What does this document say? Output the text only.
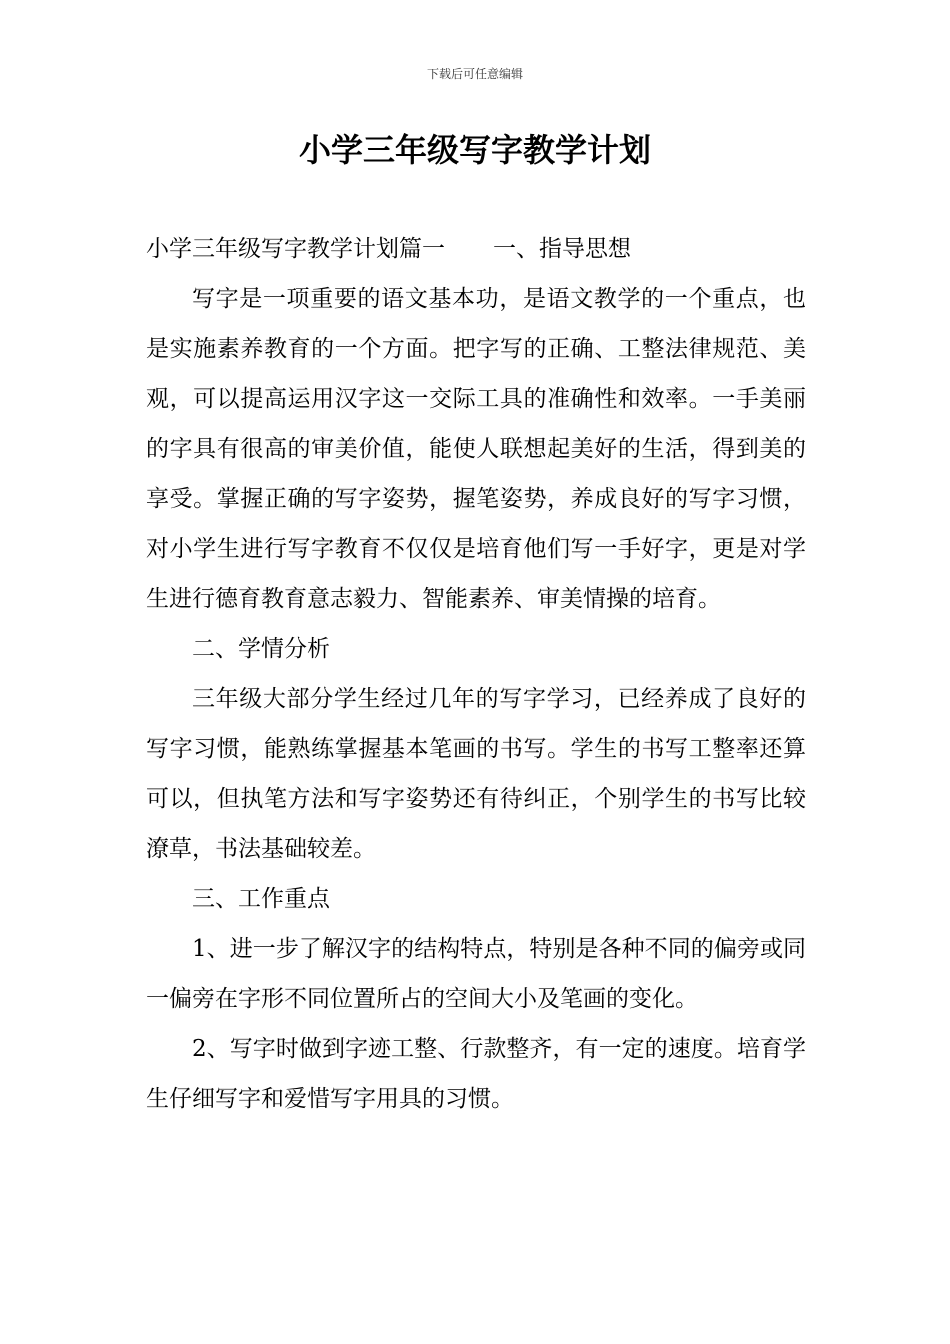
下载后可任意编辑
小学三年级写字教学计划

小学三年级写字教学计划篇一 一、指导思想

写字是一项重要的语文基本功，是语文教学的一个重点，也是实施素养教育的一个方面。把字写的正确、工整法律规范、美观，可以提高运用汉字这一交际工具的准确性和效率。一手美丽的字具有很高的审美价值，能使人联想起美好的生活，得到美的享受。掌握正确的写字姿势，握笔姿势，养成良好的写字习惯，对小学生进行写字教育不仅仅是培育他们写一手好字，更是对学生进行德育教育意志毅力、智能素养、审美情操的培育。

二、学情分析

三年级大部分学生经过几年的写字学习，已经养成了良好的写字习惯，能熟练掌握基本笔画的书写。学生的书写工整率还算可以，但执笔方法和写字姿势还有待纠正，个别学生的书写比较潦草，书法基础较差。

三、工作重点

1、进一步了解汉字的结构特点，特别是各种不同的偏旁或同一偏旁在字形不同位置所占的空间大小及笔画的变化。

2、写字时做到字迹工整、行款整齐，有一定的速度。培育学生仔细写字和爱惜写字用具的习惯。
